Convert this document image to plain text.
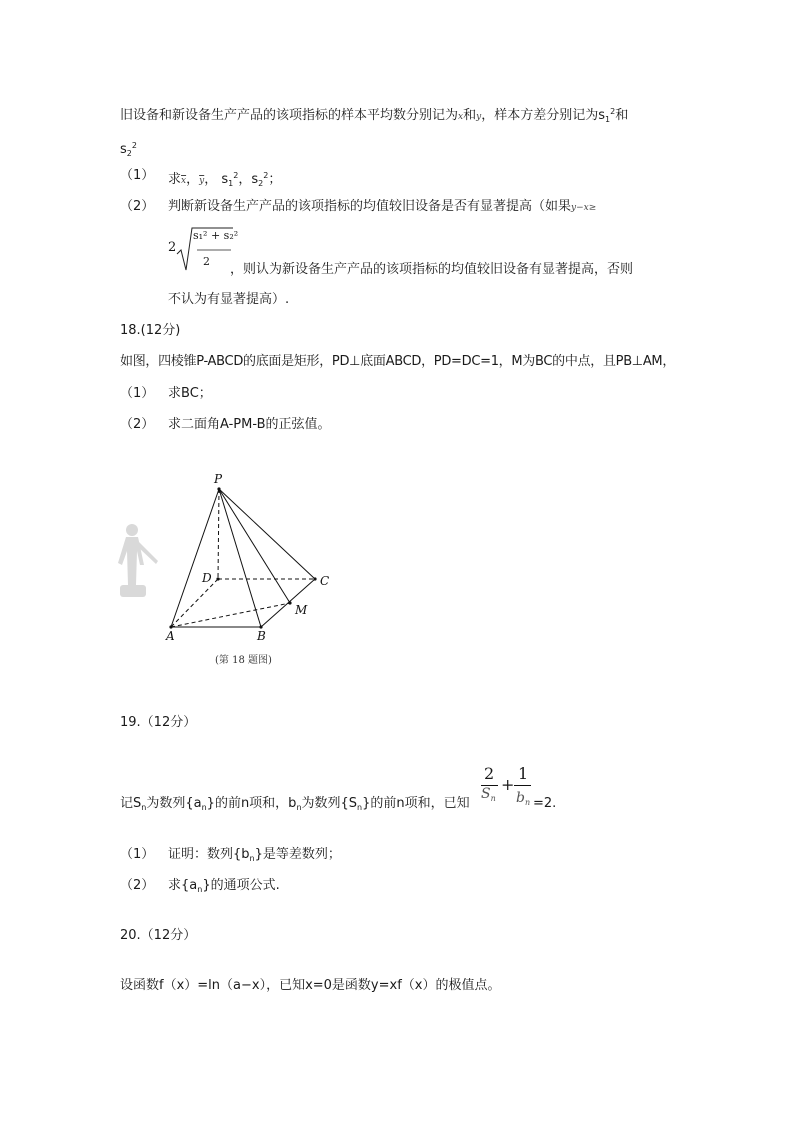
旧设备和新设备生产产品的该项指标的样本平均数分别记为x和y，样本方差分别记为$s_1^2$和
$s_2^2$
（1） 求$\overline{x}$，$\overline{y}$， $s_1^2$，$s_2^2$；
（2） 判断新设备生产产品的该项指标的均值较旧设备是否有显著提高（如果y−x≥
2
s₁² + s₂²
2
，则认为新设备生产产品的该项指标的均值较旧设备有显著提高，否则
不认为有显著提高）.
18.(12分)
如图，四棱锥P-ABCD的底面是矩形，PD⊥底面ABCD，PD=DC=1，M为BC的中点，且PB⊥AM，
（1） 求BC；
（2） 求二面角A-PM-B的正弦值。
P
D	C
M
A	B
(第 18 题图)
19.（12分）
记$S_n$为数列$\{a_n\}$的前n项和，$b_n$为数列$\{S_n\}$的前n项和，已知
2
$S_n$
+
1
$b_n =2$.
（1） 证明：数列$\{b_n\}$是等差数列；
（2） 求$\{a_n\}$的通项公式.
20.（12分）
设函数f（x）=ln（a−x），已知x=0是函数y=xf（x）的极值点。
